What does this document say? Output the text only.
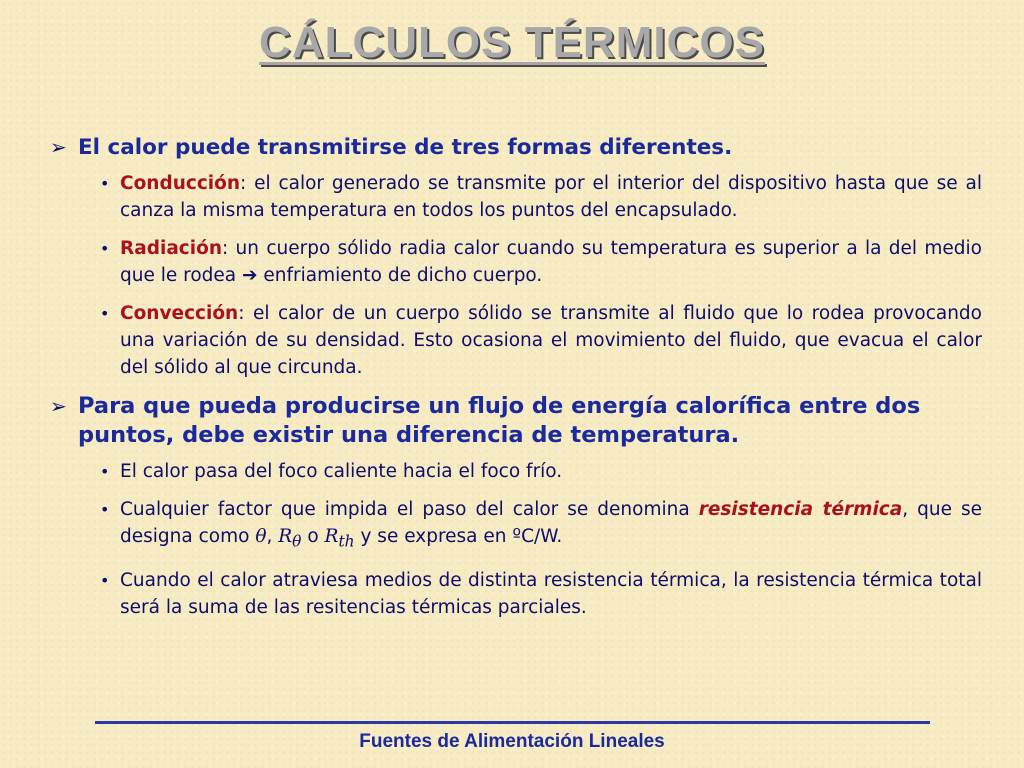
CÁLCULOS TÉRMICOS
➢ El calor puede transmitirse de tres formas diferentes.
• Conducción: el calor generado se transmite por el interior del dispositivo hasta que se al canza la misma temperatura en todos los puntos del encapsulado.
• Radiación: un cuerpo sólido radia calor cuando su temperatura es superior a la del medio que le rodea ➔ enfriamiento de dicho cuerpo.
• Convección: el calor de un cuerpo sólido se transmite al fluido que lo rodea provocando una variación de su densidad. Esto ocasiona el movimiento del fluido, que evacua el calor del sólido al que circunda.
➢ Para que pueda producirse un flujo de energía calorífica entre dos puntos, debe existir una diferencia de temperatura.
• El calor pasa del foco caliente hacia el foco frío.
• Cualquier factor que impida el paso del calor se denomina resistencia térmica, que se designa como θ, $R_\theta$ o $R_{th}$ y se expresa en ºC/W.
• Cuando el calor atraviesa medios de distinta resistencia térmica, la resistencia térmica total será la suma de las resitencias térmicas parciales.
Fuentes de Alimentación Lineales
